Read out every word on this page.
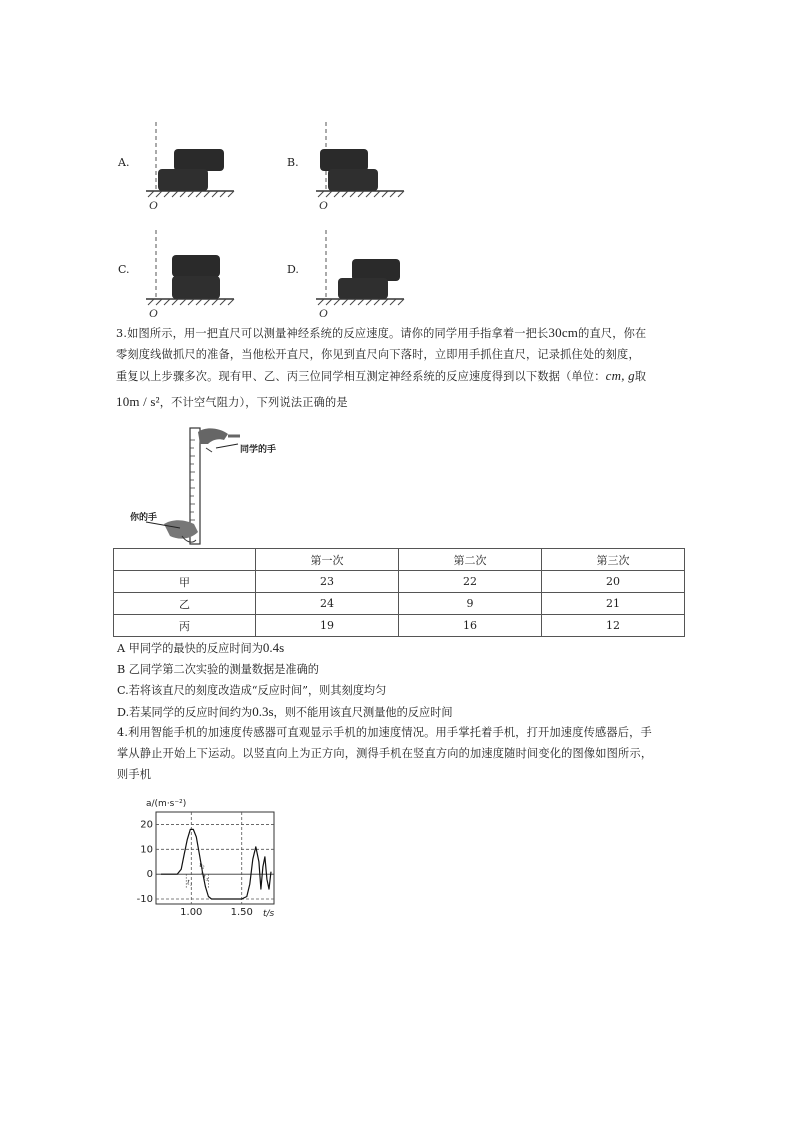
A.	B.
C.	D.
O	O
O	O
3.如图所示，用一把直尺可以测量神经系统的反应速度。请你的同学用手指拿着一把长30cm的直尺，你在
零刻度线做抓尺的准备，当他松开直尺，你见到直尺向下落时，立即用手抓住直尺，记录抓住处的刻度，
重复以上步骤多次。现有甲、乙、丙三位同学相互测定神经系统的反应速度得到以下数据（单位：cm, g取
10m / s²，不计空气阻力），下列说法正确的是
同学的手
你的手
	第一次	第二次	第三次
甲	23	22	20
乙	24	9	21
丙	19	16	12
A 甲同学的最快的反应时间为0.4s
B 乙同学第二次实验的测量数据是准确的
C.若将该直尺的刻度改造成“反应时间”，则其刻度均匀
D.若某同学的反应时间约为0.3s，则不能用该直尺测量他的反应时间
4.利用智能手机的加速度传感器可直观显示手机的加速度情况。用手掌托着手机，打开加速度传感器后，手
掌从静止开始上下运动。以竖直向上为正方向，测得手机在竖直方向的加速度随时间变化的图像如图所示，
则手机
a/(m·s⁻²)
t/s
20
10
0
-10
1.00	1.50
t₁
t₂
t₃
